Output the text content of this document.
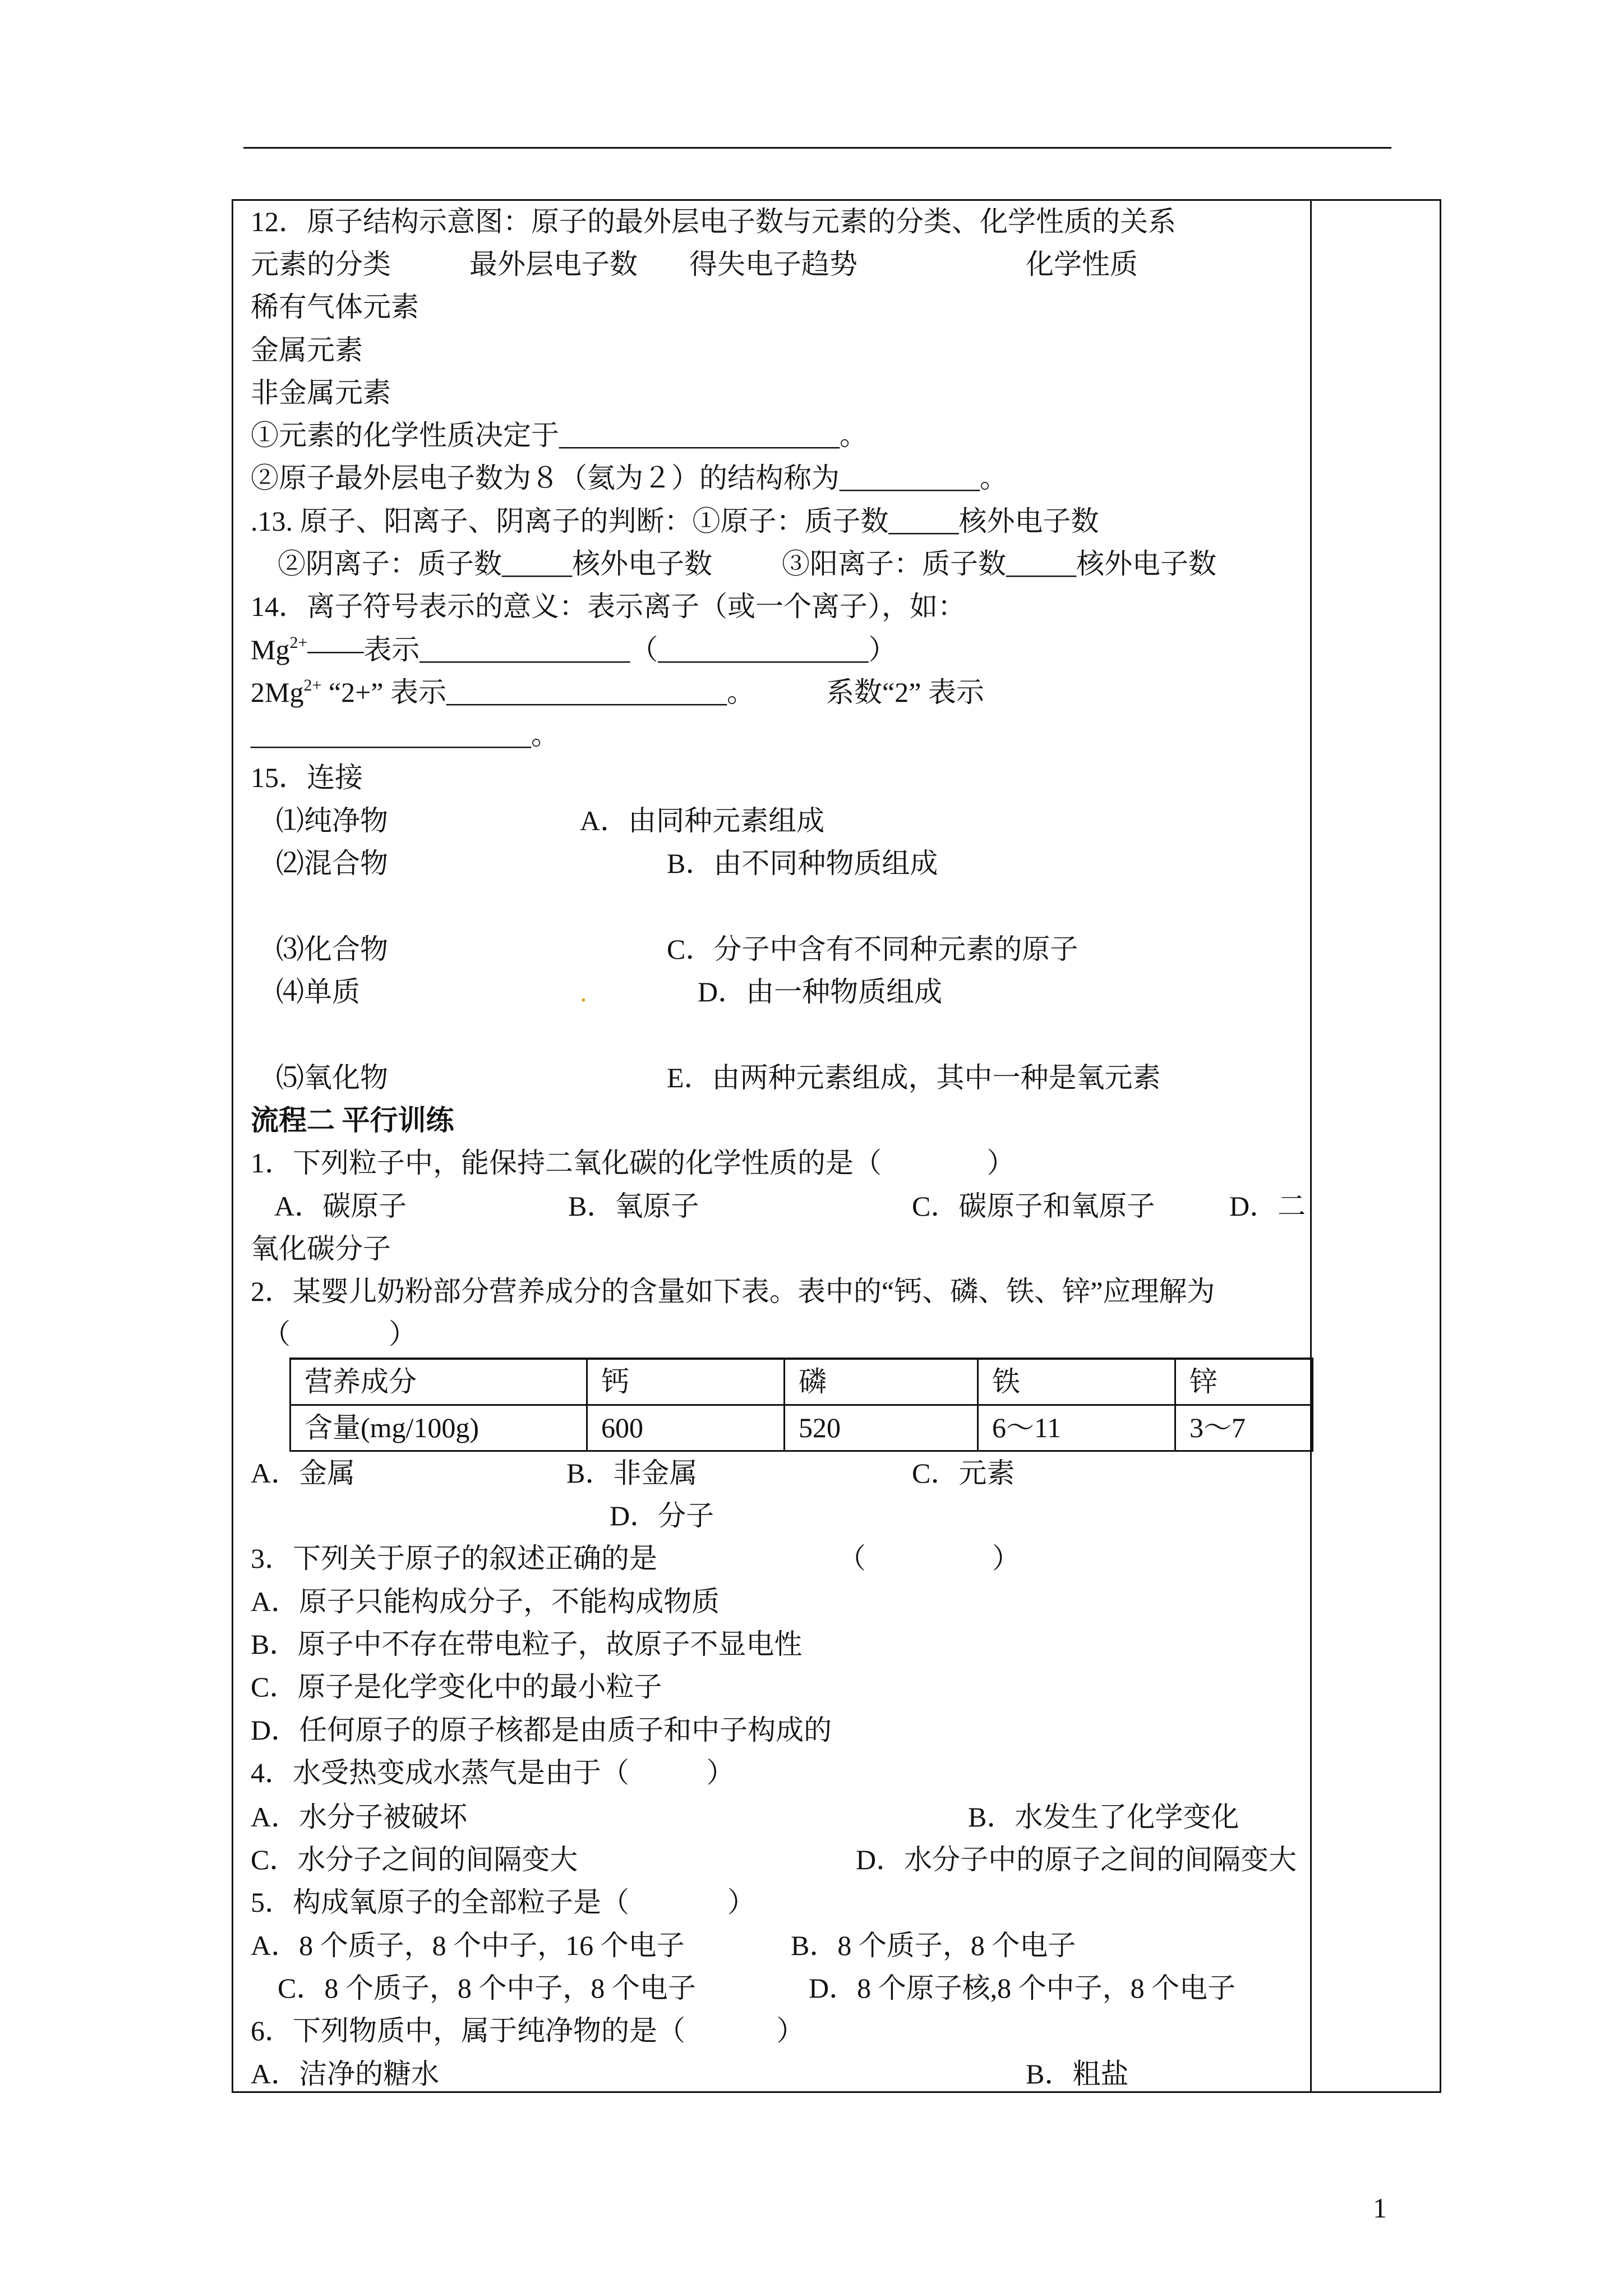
12．原子结构示意图：原子的最外层电子数与元素的分类、化学性质的关系
元素的分类	最外层电子数 得失电子趋势	化学性质
稀有气体元素
金属元素
非金属元素
①元素的化学性质决定于____________________。
②原子最外层电子数为８（氦为２）的结构称为__________。
.13. 原子、阳离子、阴离子的判断：①原子：质子数_____核外电子数
②阴离子：质子数_____核外电子数 ③阳离子：质子数_____核外电子数
14．离子符号表示的意义：表示离子（或一个离子），如：
$Mg^{2+}——$表示_______________（_______________）
$2Mg^{2+}$ “2+” 表示____________________。	系数“2” 表示
____________________。
15．连接
⑴纯净物	A．由同种元素组成
⑵混合物	B．由不同种物质组成
⑶化合物	C．分子中含有不同种元素的原子
⑷单质	.	D．由一种物质组成
⑸氧化物	E．由两种元素组成，其中一种是氧元素
流程二 平行训练
1．下列粒子中，能保持二氧化碳的化学性质的是（               ）
A．碳原子	B．氧原子	C．碳原子和氧原子	D．二
氧化碳分子
2．某婴儿奶粉部分营养成分的含量如下表。表中的“钙、磷、铁、锌”应理解为
（              ）
营养成分	钙	磷	铁	锌
含量(mg/100g)	600	520	6～11	3～7
A．金属	B．非金属	C．元素
D．分子
3．下列关于原子的叙述正确的是	（                  ）
A．原子只能构成分子，不能构成物质
B．原子中不存在带电粒子，故原子不显电性
C．原子是化学变化中的最小粒子
D．任何原子的原子核都是由质子和中子构成的
4．水受热变成水蒸气是由于（           ）
A．水分子被破坏	B．水发生了化学变化
C．水分子之间的间隔变大	D．水分子中的原子之间的间隔变大
5．构成氧原子的全部粒子是（              ）
A．8 个质子，8 个中子，16 个电子	B．8 个质子，8 个电子
C．8 个质子，8 个中子，8 个电子	D．8 个原子核,8 个中子，8 个电子
6．下列物质中，属于纯净物的是（             ）
A．洁净的糖水	B．粗盐
1
